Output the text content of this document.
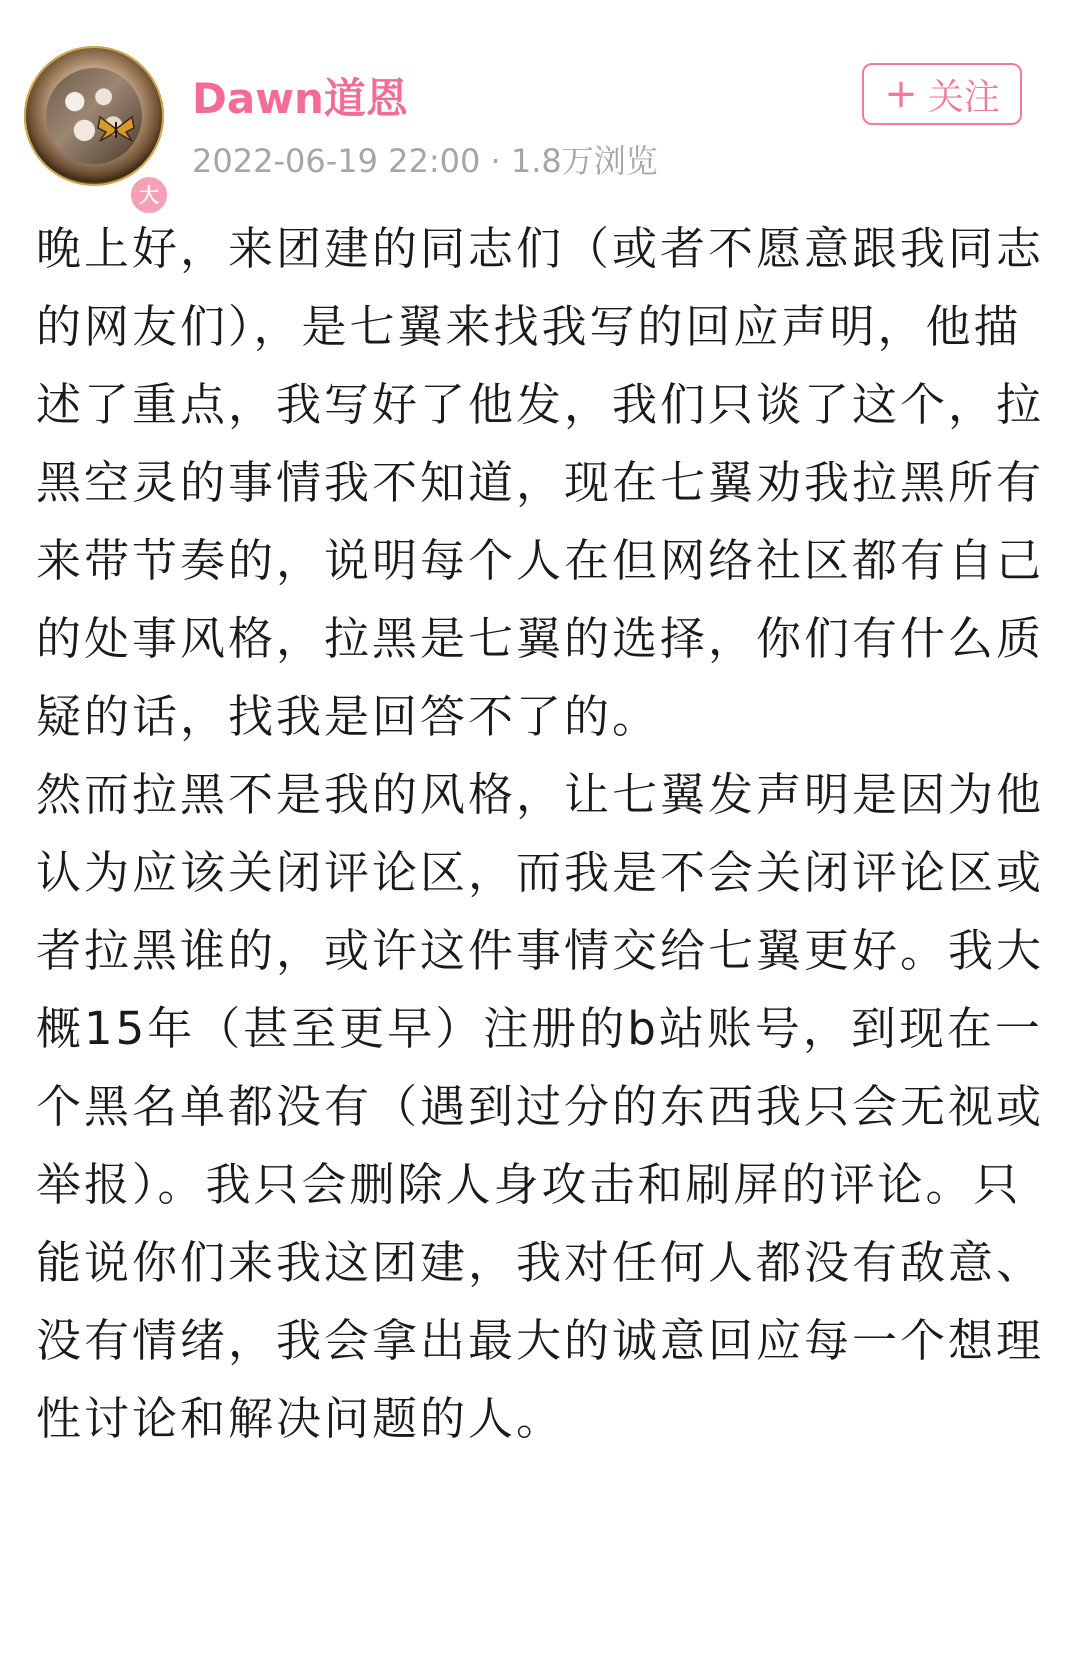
大
Dawn道恩
2022-06-19 22:00 · 1.8万浏览
+ 关注

晚上好，来团建的同志们（或者不愿意跟我同志的网友们），是七翼来找我写的回应声明，他描述了重点，我写好了他发，我们只谈了这个，拉黑空灵的事情我不知道，现在七翼劝我拉黑所有来带节奏的，说明每个人在但网络社区都有自己的处事风格，拉黑是七翼的选择，你们有什么质疑的话，找我是回答不了的。

然而拉黑不是我的风格，让七翼发声明是因为他认为应该关闭评论区，而我是不会关闭评论区或者拉黑谁的，或许这件事情交给七翼更好。我大概15年（甚至更早）注册的b站账号，到现在一个黑名单都没有（遇到过分的东西我只会无视或举报）。我只会删除人身攻击和刷屏的评论。只能说你们来我这团建，我对任何人都没有敌意、没有情绪，我会拿出最大的诚意回应每一个想理性讨论和解决问题的人。
